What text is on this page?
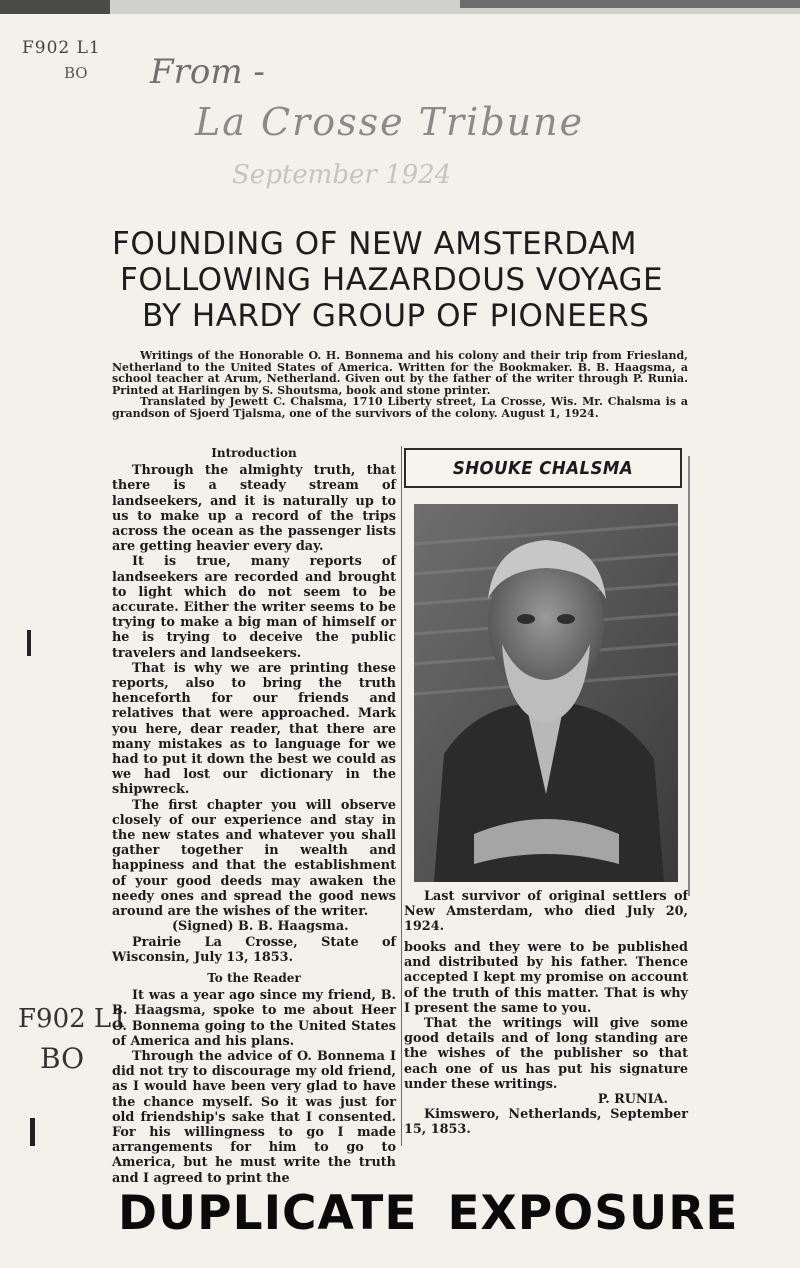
F902 L1
BO From -
La Crosse Tribune
September 1924
F902 L1
BO
FOUNDING OF NEW AMSTERDAM
FOLLOWING HAZARDOUS VOYAGE
BY HARDY GROUP OF PIONEERS

Writings of the Honorable O. H. Bonnema and his colony and their trip from Friesland, Netherland to the United States of America. Written for the Bookmaker. B. B. Haagsma, a school teacher at Arum, Netherland. Given out by the father of the writer through P. Runia. Printed at Harlingen by S. Shoutsma, book and stone printer.

Translated by Jewett C. Chalsma, 1710 Liberty street, La Crosse, Wis. Mr. Chalsma is a grandson of Sjoerd Tjalsma, one of the survivors of the colony. August 1, 1924.

Introduction

Through the almighty truth, that there is a steady stream of landseekers, and it is naturally up to us to make up a record of the trips across the ocean as the passenger lists are getting heavier every day.

It is true, many reports of landseekers are recorded and brought to light which do not seem to be accurate. Either the writer seems to be trying to make a big man of himself or he is trying to deceive the public travelers and landseekers.

That is why we are printing these reports, also to bring the truth henceforth for our friends and relatives that were approached. Mark you here, dear reader, that there are many mistakes as to language for we had to put it down the best we could as we had lost our dictionary in the shipwreck.

The first chapter you will observe closely of our experience and stay in the new states and whatever you shall gather together in wealth and happiness and that the establishment of your good deeds may awaken the needy ones and spread the good news around are the wishes of the writer.

(Signed) B. B. Haagsma.

Prairie La Crosse, State of Wisconsin, July 13, 1853.

To the Reader

It was a year ago since my friend, B. B. Haagsma, spoke to me about Heer O. Bonnema going to the United States of America and his plans.

Through the advice of O. Bonnema I did not try to discourage my old friend, as I would have been very glad to have the chance myself. So it was just for old friendship's sake that I consented. For his willingness to go I made arrangements for him to go to America, but he must write the truth and I agreed to print the

SHOUKE CHALSMA

Last survivor of original settlers of New Amsterdam, who died July 20, 1924.

books and they were to be published and distributed by his father. Thence accepted I kept my promise on account of the truth of this matter. That is why I present the same to you.

That the writings will give some good details and of long standing are the wishes of the publisher so that each one of us has put his signature under these writings.

P. RUNIA.

Kimswero, Netherlands, September 15, 1853.

DUPLICATE EXPOSURE
